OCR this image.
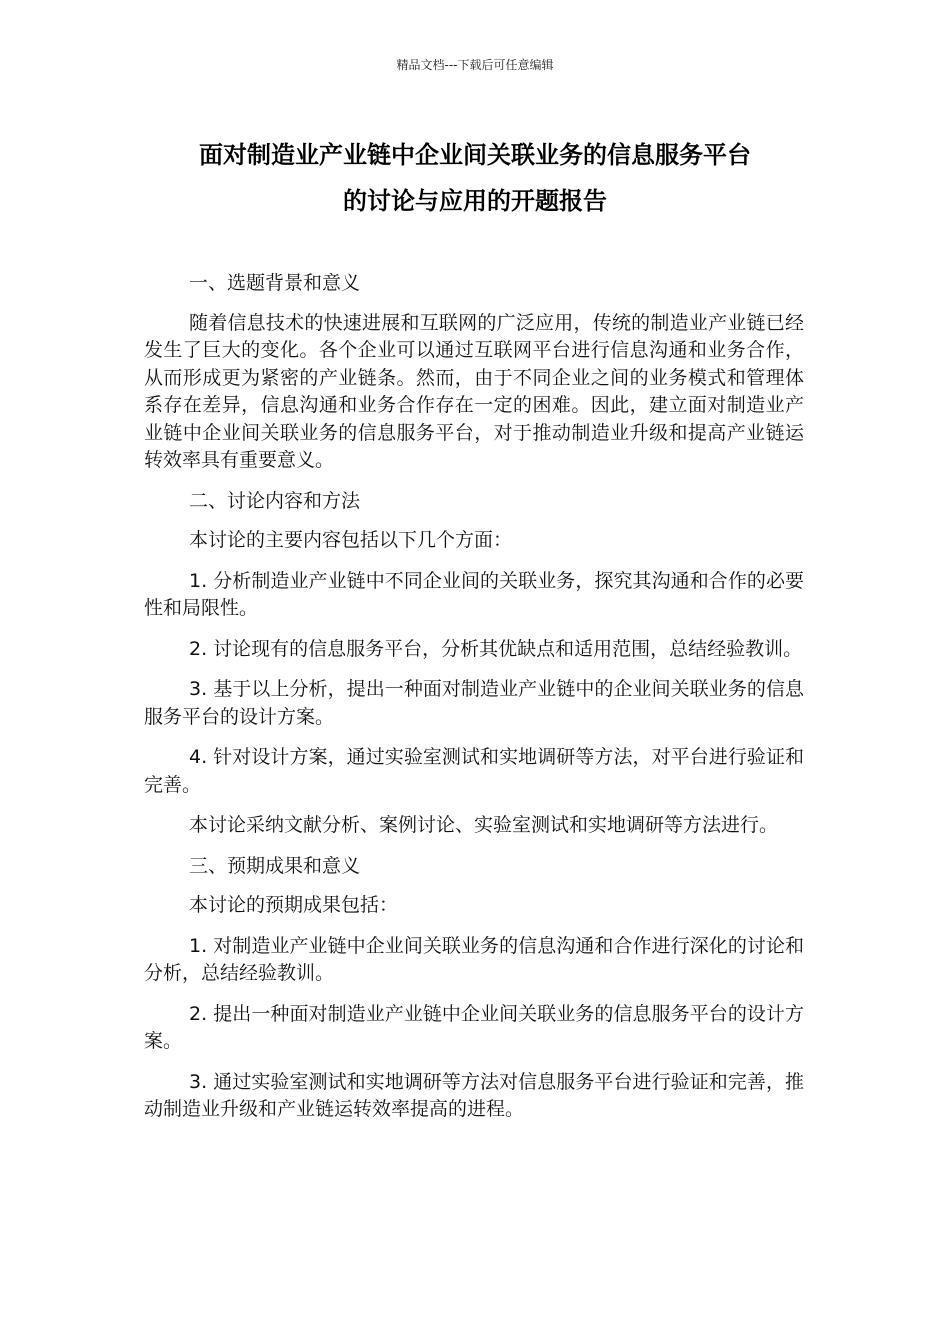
精品文档---下载后可任意编辑
面对制造业产业链中企业间关联业务的信息服务平台
的讨论与应用的开题报告

一、选题背景和意义

随着信息技术的快速进展和互联网的广泛应用，传统的制造业产业链已经发生了巨大的变化。各个企业可以通过互联网平台进行信息沟通和业务合作，从而形成更为紧密的产业链条。然而，由于不同企业之间的业务模式和管理体系存在差异，信息沟通和业务合作存在一定的困难。因此，建立面对制造业产业链中企业间关联业务的信息服务平台，对于推动制造业升级和提高产业链运转效率具有重要意义。

二、讨论内容和方法

本讨论的主要内容包括以下几个方面：

1. 分析制造业产业链中不同企业间的关联业务，探究其沟通和合作的必要性和局限性。

2. 讨论现有的信息服务平台，分析其优缺点和适用范围，总结经验教训。

3. 基于以上分析，提出一种面对制造业产业链中的企业间关联业务的信息服务平台的设计方案。

4. 针对设计方案，通过实验室测试和实地调研等方法，对平台进行验证和完善。

本讨论采纳文献分析、案例讨论、实验室测试和实地调研等方法进行。

三、预期成果和意义

本讨论的预期成果包括：

1. 对制造业产业链中企业间关联业务的信息沟通和合作进行深化的讨论和分析，总结经验教训。

2. 提出一种面对制造业产业链中企业间关联业务的信息服务平台的设计方案。

3. 通过实验室测试和实地调研等方法对信息服务平台进行验证和完善，推动制造业升级和产业链运转效率提高的进程。
